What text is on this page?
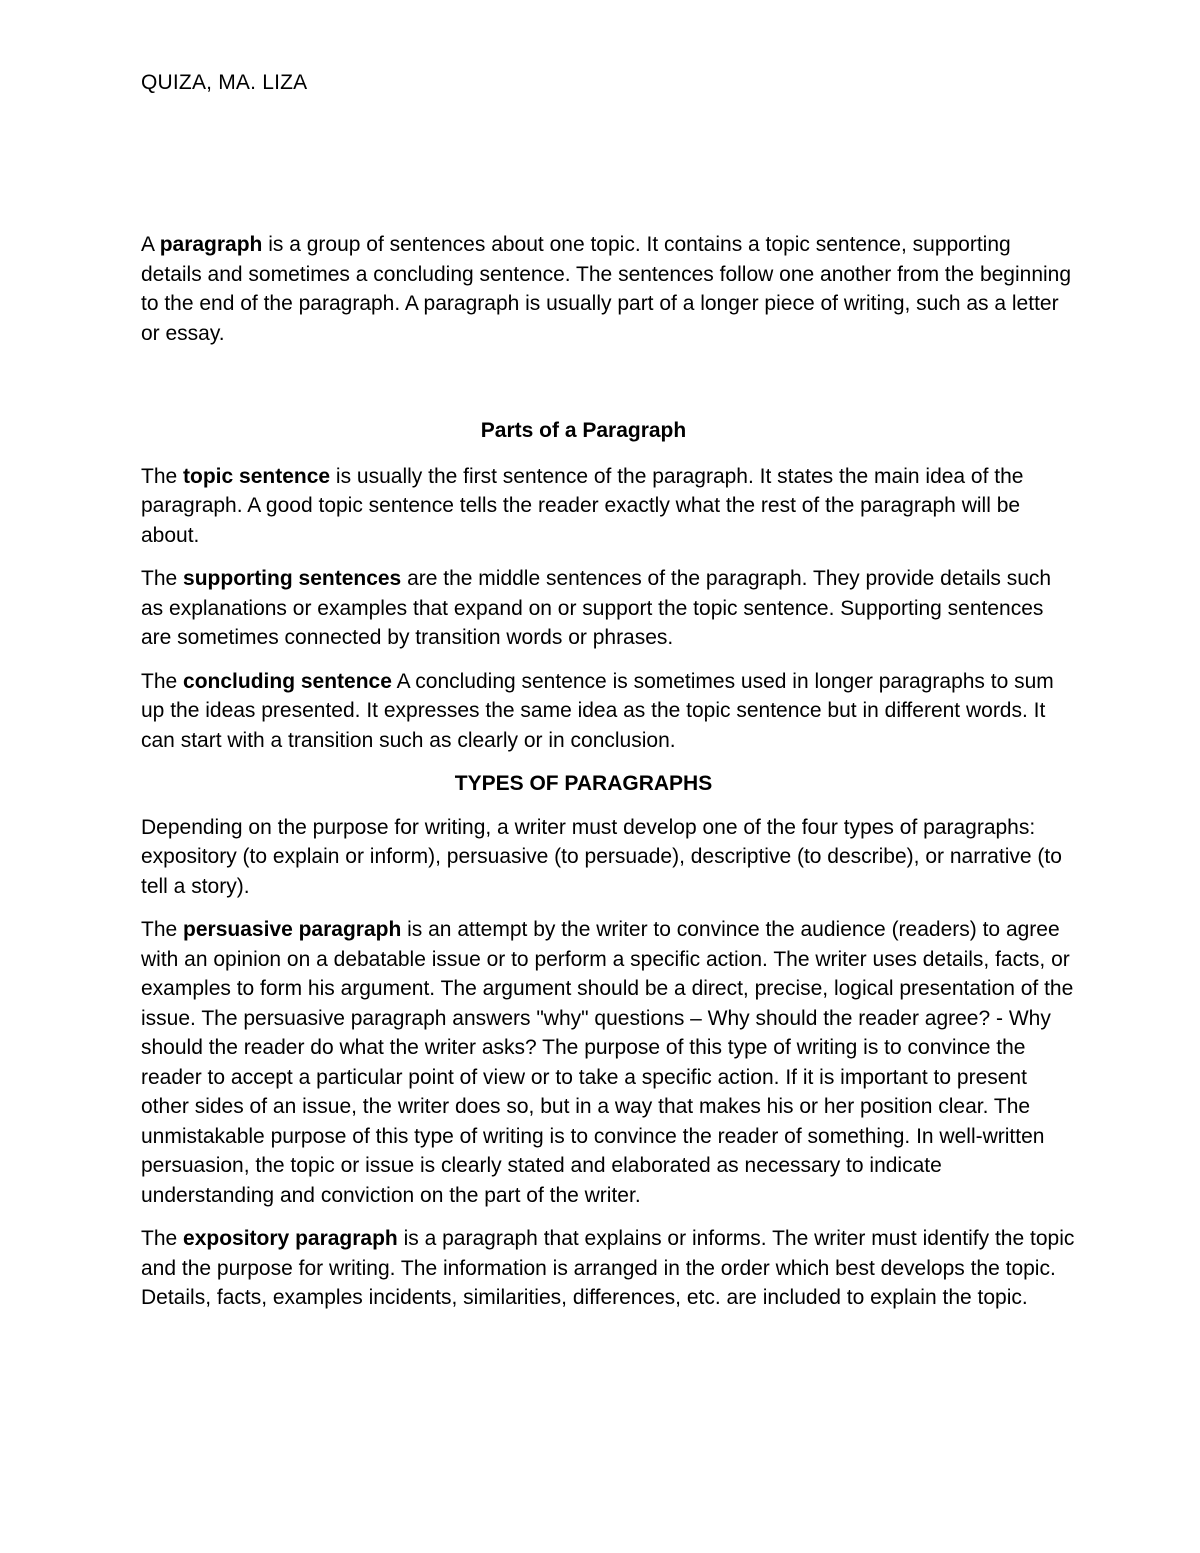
QUIZA, MA. LIZA

A paragraph is a group of sentences about one topic. It contains a topic sentence, supporting details and sometimes a concluding sentence. The sentences follow one another from the beginning to the end of the paragraph. A paragraph is usually part of a longer piece of writing, such as a letter or essay.

Parts of a Paragraph

The topic sentence is usually the first sentence of the paragraph. It states the main idea of the paragraph. A good topic sentence tells the reader exactly what the rest of the paragraph will be about.

The supporting sentences are the middle sentences of the paragraph. They provide details such as explanations or examples that expand on or support the topic sentence. Supporting sentences are sometimes connected by transition words or phrases.

The concluding sentence A concluding sentence is sometimes used in longer paragraphs to sum up the ideas presented. It expresses the same idea as the topic sentence but in different words. It can start with a transition such as clearly or in conclusion.

TYPES OF PARAGRAPHS

Depending on the purpose for writing, a writer must develop one of the four types of paragraphs: expository (to explain or inform), persuasive (to persuade), descriptive (to describe), or narrative (to tell a story).

The persuasive paragraph is an attempt by the writer to convince the audience (readers) to agree with an opinion on a debatable issue or to perform a specific action. The writer uses details, facts, or examples to form his argument. The argument should be a direct, precise, logical presentation of the issue. The persuasive paragraph answers "why" questions – Why should the reader agree? - Why should the reader do what the writer asks? The purpose of this type of writing is to convince the reader to accept a particular point of view or to take a specific action. If it is important to present other sides of an issue, the writer does so, but in a way that makes his or her position clear. The unmistakable purpose of this type of writing is to convince the reader of something. In well-written persuasion, the topic or issue is clearly stated and elaborated as necessary to indicate understanding and conviction on the part of the writer.

The expository paragraph is a paragraph that explains or informs. The writer must identify the topic and the purpose for writing. The information is arranged in the order which best develops the topic. Details, facts, examples incidents, similarities, differences, etc. are included to explain the topic.
